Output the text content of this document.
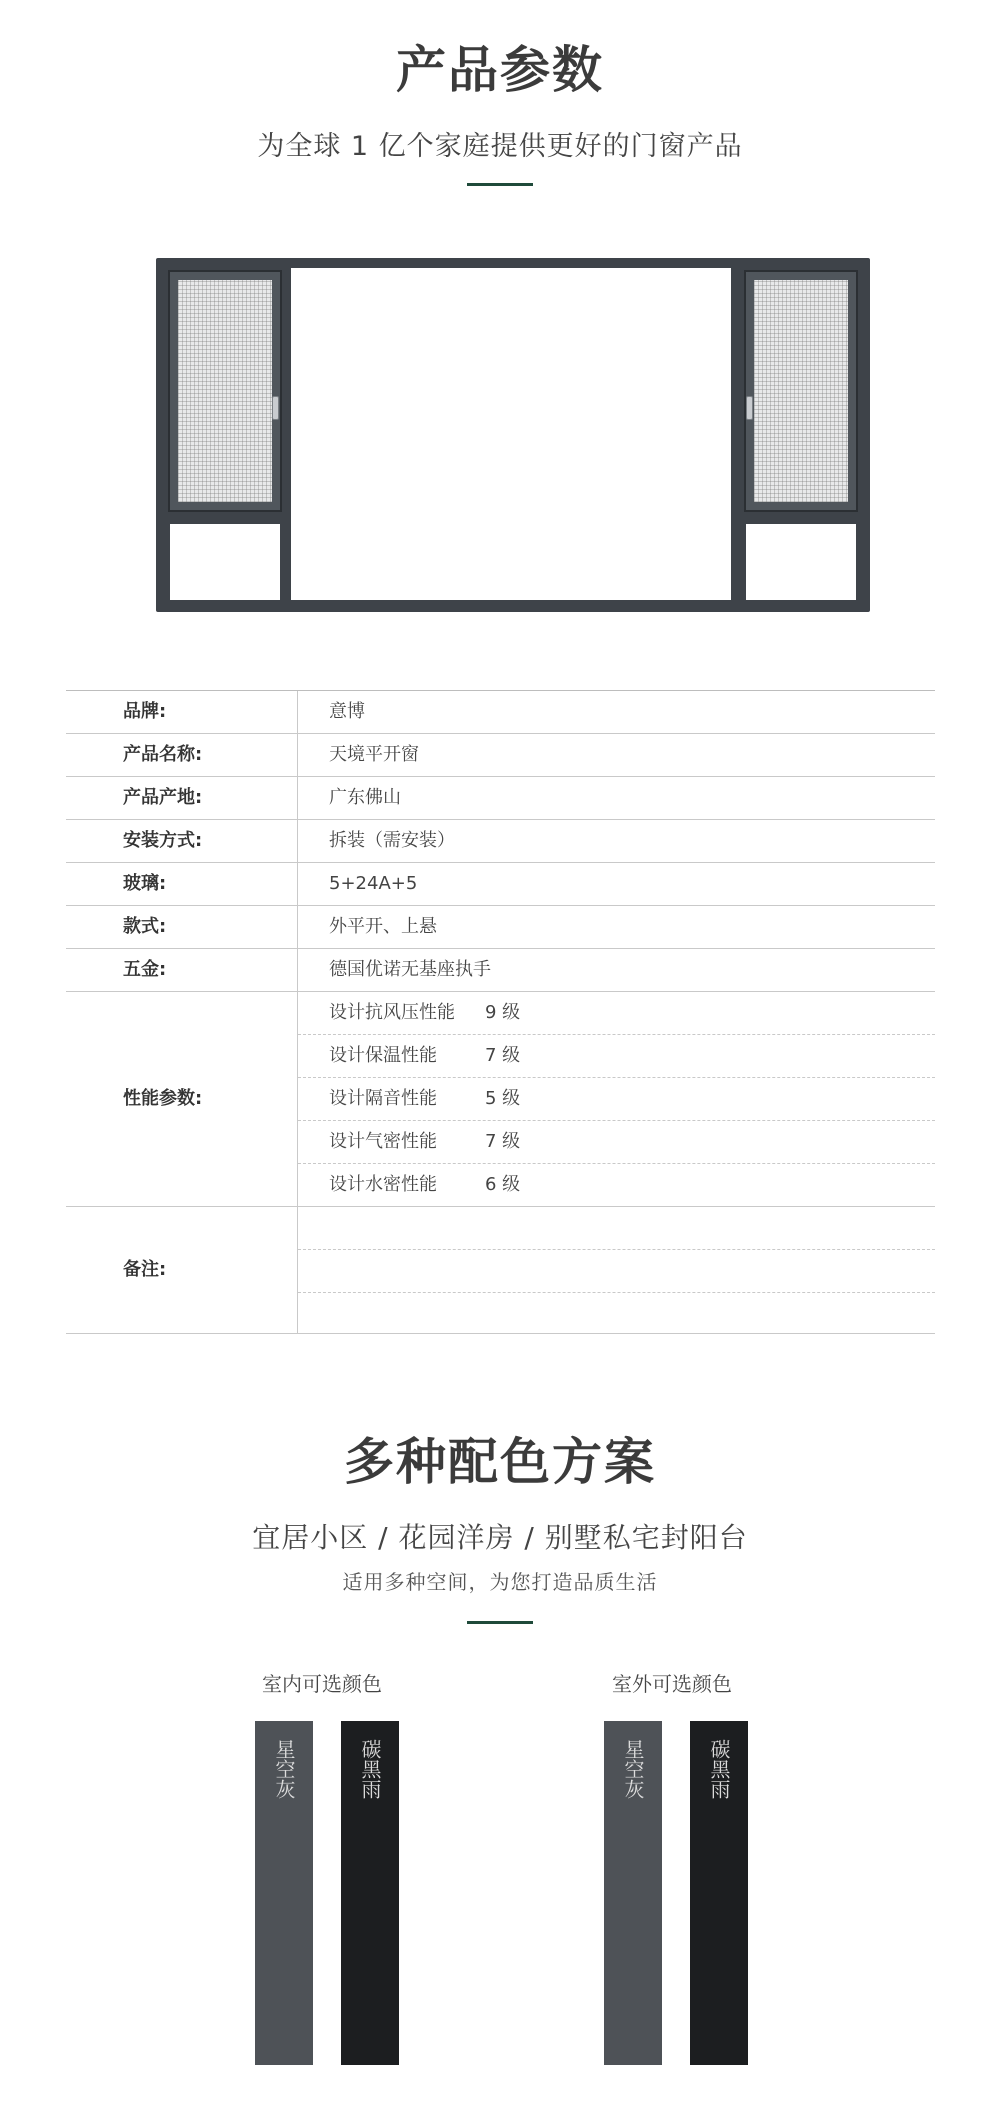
产品参数
为全球 1 亿个家庭提供更好的门窗产品
品牌:	意博
产品名称:	天境平开窗
产品产地:	广东佛山
安装方式:	拆装（需安装）
玻璃:	5+24A+5
款式:	外平开、上悬
五金:	德国优诺无基座执手
性能参数:
设计抗风压性能 9 级
设计保温性能	7 级
设计隔音性能	5 级
设计气密性能	7 级
设计水密性能	6 级
备注:
多种配色方案
宜居小区 / 花园洋房 / 别墅私宅封阳台
适用多种空间，为您打造品质生活
室内可选颜色
星空灰	碳黑雨
室外可选颜色
星空灰	碳黑雨
